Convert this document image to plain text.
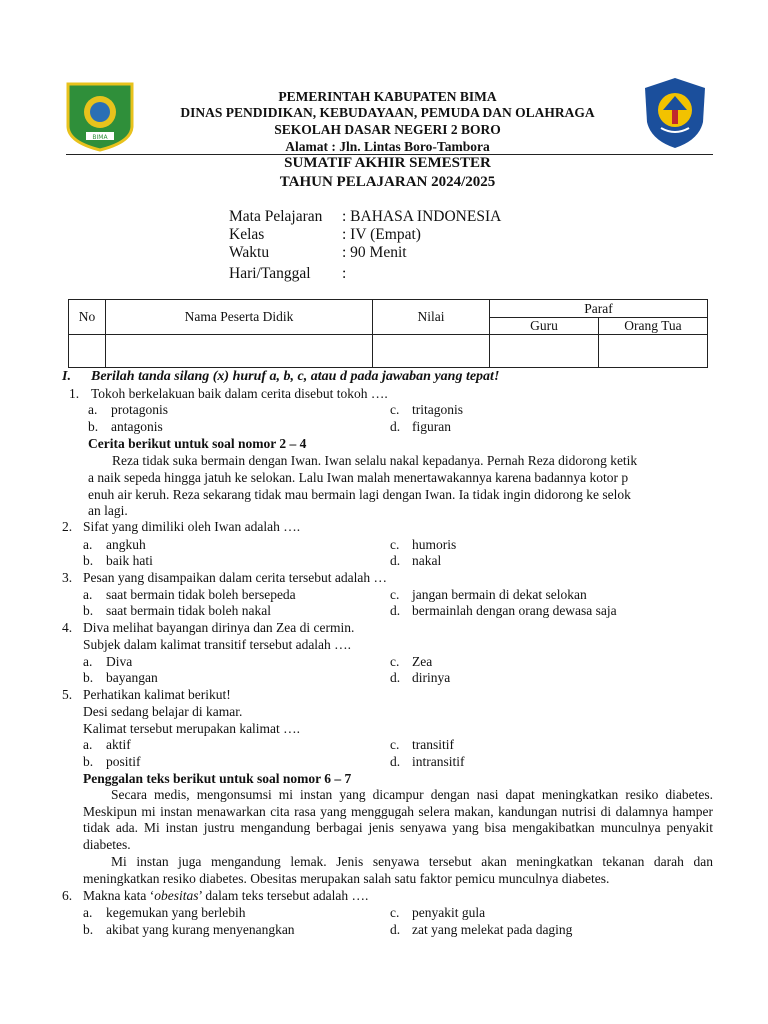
BIMA
PEMERINTAH KABUPATEN BIMA
DINAS PENDIDIKAN, KEBUDAYAAN, PEMUDA DAN OLAHRAGA
SEKOLAH DASAR NEGERI 2 BORO
Alamat : Jln. Lintas Boro-Tambora
SUMATIF AKHIR SEMESTER
TAHUN PELAJARAN 2024/2025
Mata Pelajaran : BAHASA INDONESIA
Kelas	: IV (Empat)
Waktu	: 90 Menit
Hari/Tanggal :
No	Nama Peserta Didik	Nilai	Paraf	
			Guru	Orang Tua

I. Berilah tanda silang (x) huruf a, b, c, atau d pada jawaban yang tepat!
1. Tokoh berkelakuan baik dalam cerita disebut tokoh ….
a. protagonis	c. tritagonis
b. antagonis	d. figuran
Cerita berikut untuk soal nomor 2 – 4
Reza tidak suka bermain dengan Iwan. Iwan selalu nakal kepadanya. Pernah Reza didorong ketik
a naik sepeda hingga jatuh ke selokan. Lalu Iwan malah menertawakannya karena badannya kotor p
enuh air keruh. Reza sekarang tidak mau bermain lagi dengan Iwan. Ia tidak ingin didorong ke selok
an lagi.
2. Sifat yang dimiliki oleh Iwan adalah ….
a. angkuh	c. humoris
b. baik hati	d. nakal
3. Pesan yang disampaikan dalam cerita tersebut adalah …
a. saat bermain tidak boleh bersepeda	c. jangan bermain di dekat selokan
b. saat bermain tidak boleh nakal	d. bermainlah dengan orang dewasa saja
4. Diva melihat bayangan dirinya dan Zea di cermin.
Subjek dalam kalimat transitif tersebut adalah ….
a. Diva	c. Zea
b. bayangan	d. dirinya
5. Perhatikan kalimat berikut!
Desi sedang belajar di kamar.
Kalimat tersebut merupakan kalimat ….
a. aktif	c. transitif
b. positif	d. intransitif
Penggalan teks berikut untuk soal nomor 6 – 7
Secara medis, mengonsumsi mi instan yang dicampur dengan nasi dapat meningkatkan resiko diabetes. Meskipun mi instan menawarkan cita rasa yang menggugah selera makan, kandungan nutrisi di dalamnya hamper tidak ada. Mi instan justru mengandung berbagai jenis senyawa yang bisa mengakibatkan munculnya penyakit diabetes.
Mi instan juga mengandung lemak. Jenis senyawa tersebut akan meningkatkan tekanan darah dan meningkatkan resiko diabetes. Obesitas merupakan salah satu faktor pemicu munculnya diabetes.
6. Makna kata ‘obesitas’ dalam teks tersebut adalah ….
a. kegemukan yang berlebih	c. penyakit gula
b. akibat yang kurang menyenangkan	d. zat yang melekat pada daging
